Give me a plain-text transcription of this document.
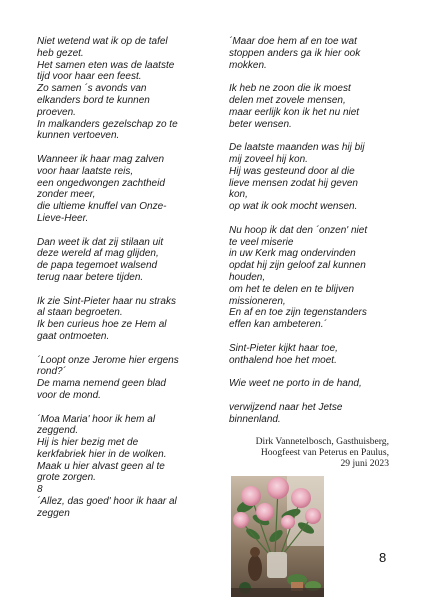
Niet wetend wat ik op de tafel
heb gezet.
Het samen eten was de laatste
tijd voor haar een feest.
Zo samen ´s avonds van
elkanders bord te kunnen
proeven.
In malkanders gezelschap zo te
kunnen vertoeven.
Wanneer ik haar mag zalven
voor haar laatste reis,
een ongedwongen zachtheid
zonder meer,
die ultieme knuffel van Onze-
Lieve-Heer.
Dan weet ik dat zij stilaan uit
deze wereld af mag glijden,
de papa tegemoet walsend
terug naar betere tijden.
Ik zie Sint-Pieter haar nu straks
al staan begroeten.
Ik ben curieus hoe ze Hem al
gaat ontmoeten.
´Loopt onze Jerome hier ergens
rond?´
De mama nemend geen blad
voor de mond.
´Moa Maria' hoor ik hem al
zeggend.
Hij is hier bezig met de
kerkfabriek hier in de wolken.
Maak u hier alvast geen al te
grote zorgen.
8
´Allez, das goed' hoor ik haar al
zeggen
´Maar doe hem af en toe wat
stoppen anders ga ik hier ook
mokken.
Ik heb ne zoon die ik moest
delen met zovele mensen,
maar eerlijk kon ik het nu niet
beter wensen.
De laatste maanden was hij bij
mij zoveel hij kon.
Hij was gesteund door al die
lieve mensen zodat hij geven
kon,
op wat ik ook mocht wensen.
Nu hoop ik dat den ´onzen' niet
te veel miserie
in uw Kerk mag ondervinden
opdat hij zijn geloof zal kunnen
houden,
om het te delen en te blijven
missioneren,
En af en toe zijn tegenstanders
effen kan ambeteren.´
Sint-Pieter kijkt haar toe,
onthalend hoe het moet.
Wie weet ne porto in de hand,
verwijzend naar het Jetse
binnenland.
Dirk Vannetelbosch, Gasthuisberg,
Hoogfeest van Peterus en Paulus,
29 juni 2023
8
